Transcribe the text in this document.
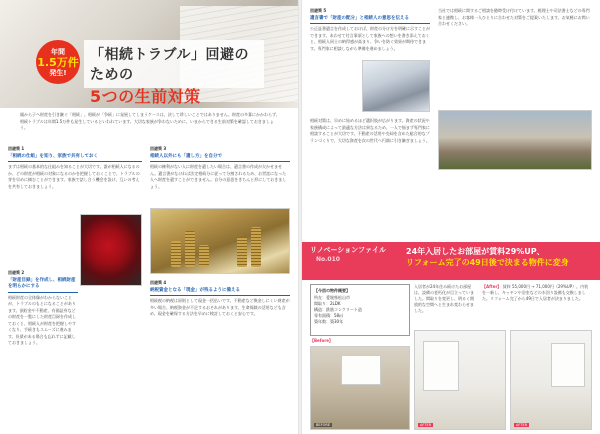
年間
1.5万件
発生!
「相続トラブル」回避のための
5つの生前対策
親から子へ財産を引き継ぐ「相続」。相続が「争続」に発展してしまうケースは、決して珍しいことではありません。財産の多寡にかかわらず、相続トラブルは年間1.5万件も発生しているといわれています。大切な家族が争わないために、いまからできる生前対策を確認しておきましょう。
回避策 1
「相続の仕組」を知り、家族で共有しておく

まずは相続の基本的な仕組みを知ることが大切です。誰が相続人になるのか、どの財産が相続の対象になるのかを把握しておくことで、トラブルの芽を早めに摘むことができます。家族で話し合う機会を設け、互いの考えを共有しておきましょう。

回避策 2
「財産目録」を作成し、相続財産を明らかにする

相続財産の全体像がわからないことが、トラブルのもとになることがあります。預貯金や不動産、有価証券などの財産を一覧にした財産目録を作成しておくと、相続人が財産を把握しやすくなり、手続きもスムーズに進みます。負債がある場合も忘れずに記載しておきましょう。

回避策 3
相続人以外にも「遺し方」を自分で

相続の権利がない人に財産を遺したい場合は、遺言書の作成が欠かせません。遺言書がなければ法定相続分に従って分割されるため、お世話になった人へ財産を遺すことができません。自分の意思をきちんと形にしておきましょう。

回避策 4
納税資金となる「現金」が残るように備える

相続税の納税は原則として現金一括払いです。不動産など換金しにくい財産が多い場合、納税資金が不足するおそれがあります。生命保険の活用なども含め、現金を確保する方法を早めに検討しておくと安心です。

回避策 5
遺言書で「財産の配分」と相続人の意思を伝える

公正証書遺言を作成しておけば、財産の分け方を明確に示すことができます。あわせて付言事項として家族への想いを書き添えておくと、相続人同士の納得感が高まり、争いを防ぐ効果が期待できます。専門家に相談しながら準備を進めましょう。

相続対策は、早めに始めるほど選択肢が広がります。資産の状況や家族構成によって最適な方法は異なるため、一人で悩まず専門家に相談することが大切です。不動産の活用や売却を含めた総合的なプランづくりで、大切な資産を次の世代へ円満に引き継ぎましょう。

当社では相続に関するご相談を随時受け付けています。税理士や司法書士などの専門家と連携し、お客様一人ひとりに合わせた対策をご提案いたします。お気軽にお問い合わせください。

リノベーションファイル
No.010
24年入居したお部屋が賃料29%UP、
リフォーム完了の49日後で決まる物件に変身
【今回の物件概要】
所在：愛媛県松山市
間取り：2LDK
構造：鉄筋コンクリート造
専有面積：58㎡
築年数：築30年
【Before】
入居者が24年住み続けたお部屋は、設備の老朽化が目立っていました。間取りを変更し、明るく開放的な空間へと生まれ変わらせました。
【After】 賃料 55,000円 → 71,000円（29%UP）。内装を一新し、キッチンや浴室などの水回り設備も交換しました。リフォーム完了から49日で入居者が決まりました。
BEFORE	AFTER	AFTER
